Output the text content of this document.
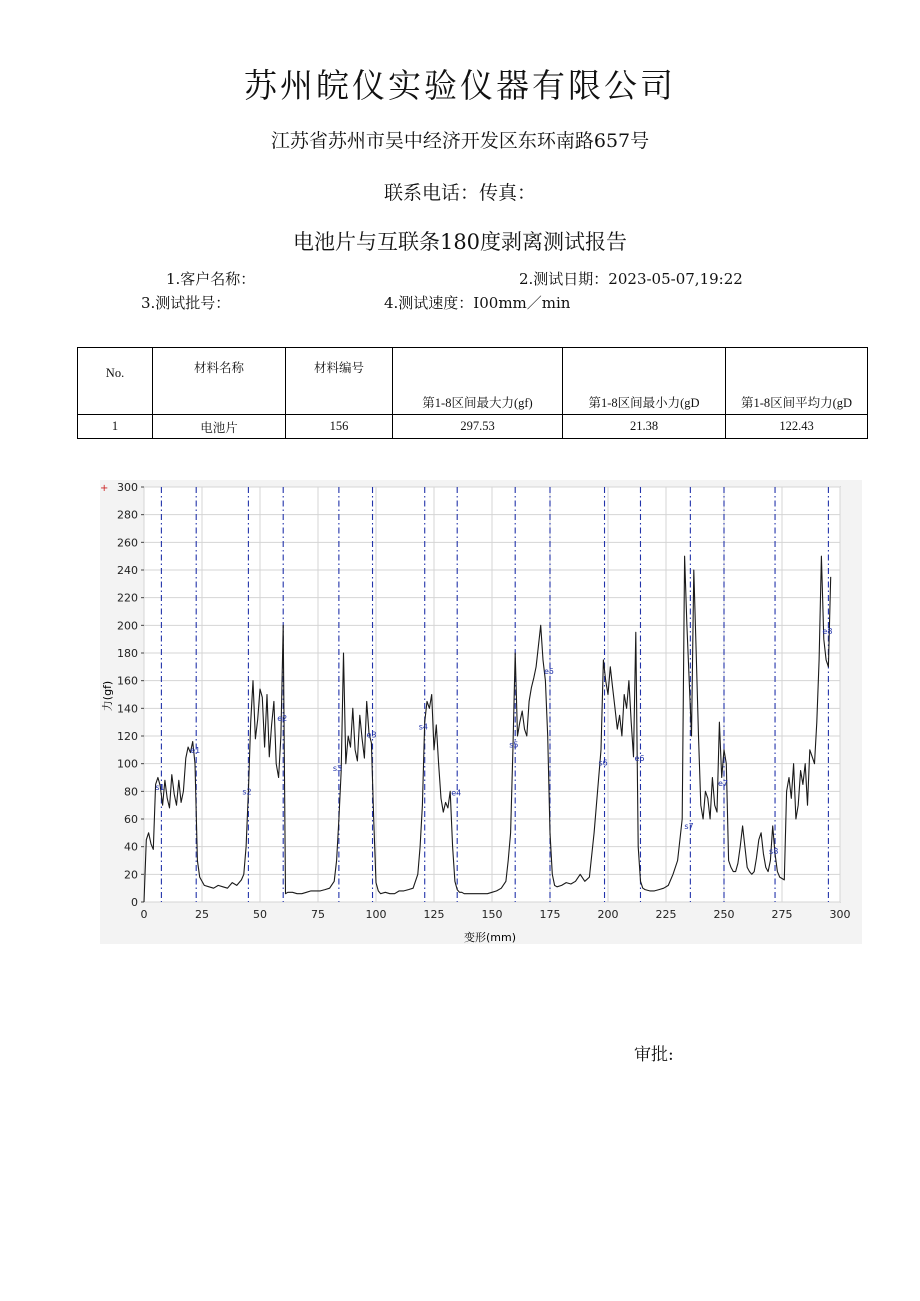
苏州皖仪实验仪器有限公司
江苏省苏州市吴中经济开发区东环南路657号
联系电话：传真：
电池片与互联条180度剥离测试报告
1.客户名称：	2.测试日期：2023-05-07,19:22
3.测试批号：	4.测试速度：I00mm／min
No.	材料名称	材料编号	第1-8区间最大力(gf)	第1-8区间最小力(gD	第1-8区间平均力(gD
1	电池片	156	297.53	21.38	122.43
0	25	50	75	100	125	150	175	200	225	250	275	300
0
20
40
60
80
100
120
140
160
180
200
220
240
260
280
300
s1
e1
s2
e2
s3
e3
s4
e4
s5
e5
s6	e6
s7
e7
s8
e8
+
变形(mm)
力(gf)
审批:
